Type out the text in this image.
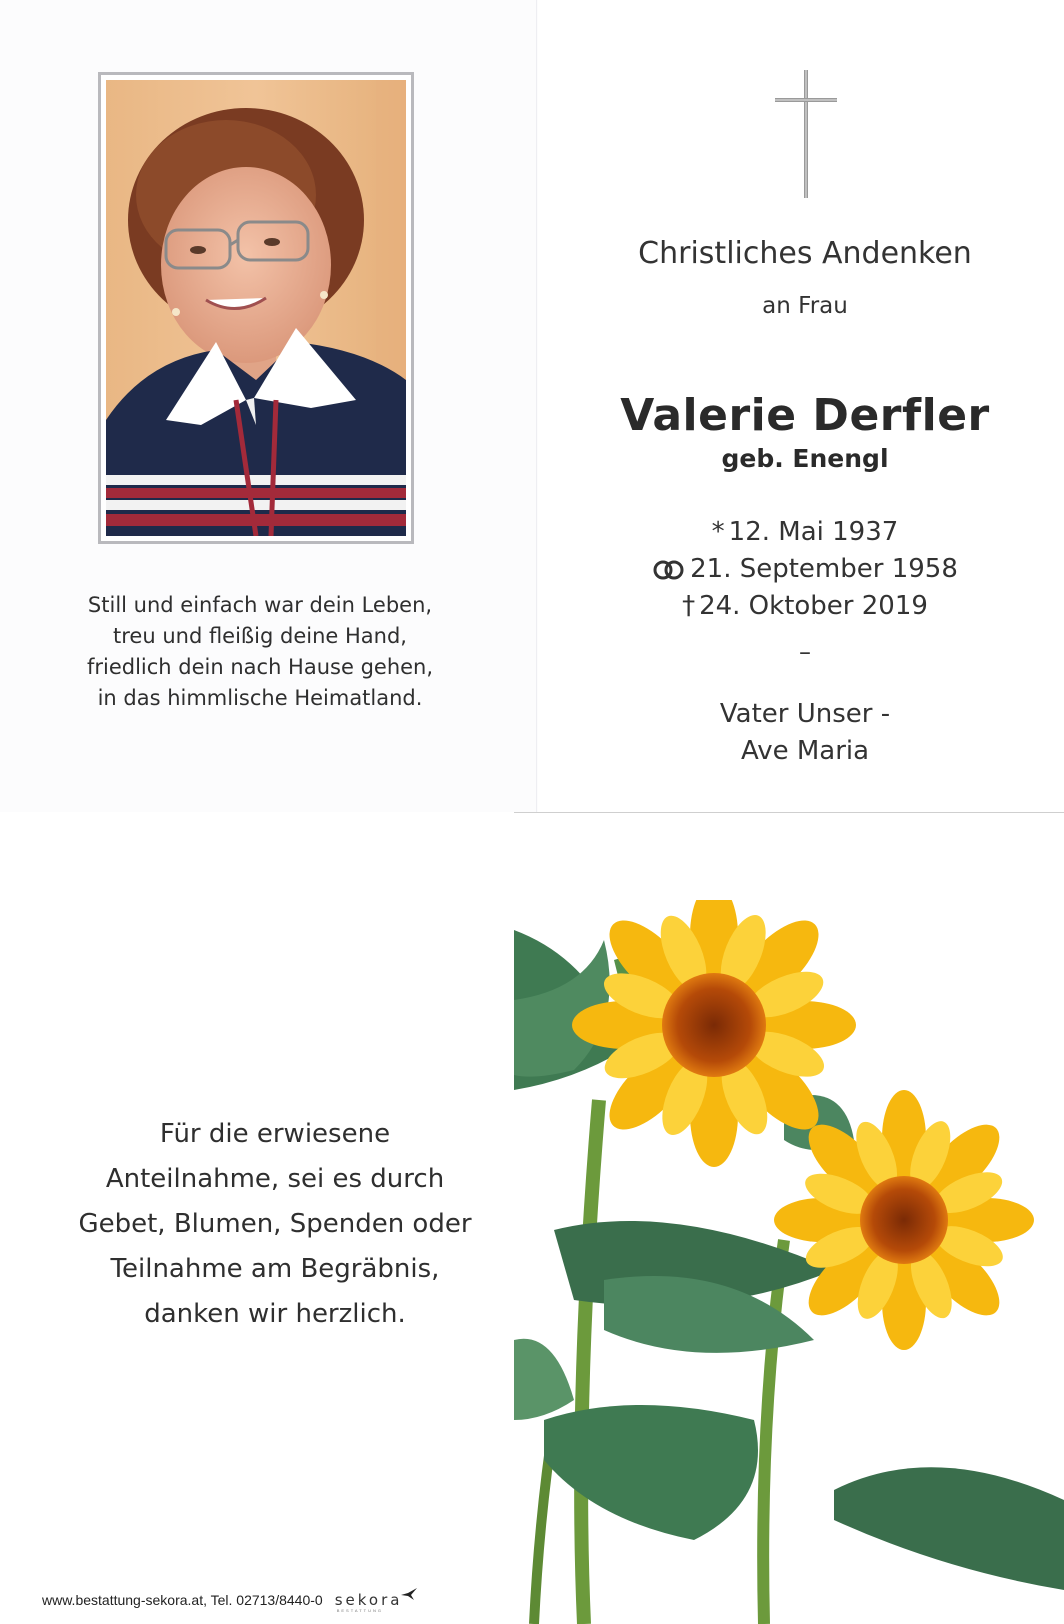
Still und einfach war dein Leben,
treu und fleißig deine Hand,
friedlich dein nach Hause gehen,
in das himmlische Heimatland.
Christliches Andenken
an Frau
Valerie Derfler
geb. Enengl
* 12. Mai 1937
21. September 1958
† 24. Oktober 2019
–
Vater Unser -
Ave Maria
Für die erwiesene
Anteilnahme, sei es durch
Gebet, Blumen, Spenden oder
Teilnahme am Begräbnis,
danken wir herzlich.
www.bestattung-sekora.at, Tel. 02713/8440-0 sekora
BESTATTUNG
